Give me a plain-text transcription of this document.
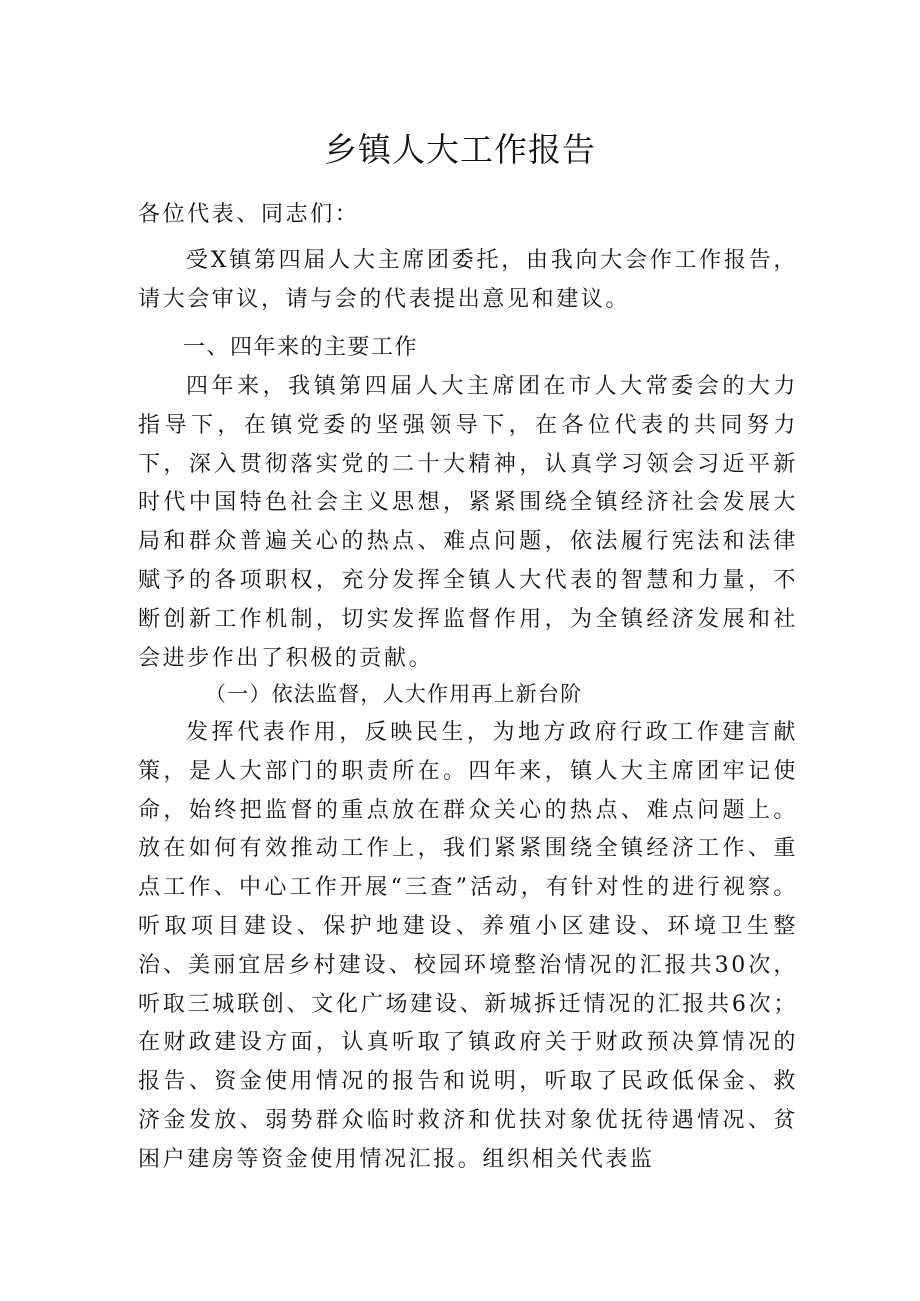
乡镇人大工作报告
各位代表、同志们：
受X镇第四届人大主席团委托，由我向大会作工作报告，请大会审议，请与会的代表提出意见和建议。
一、四年来的主要工作
四年来，我镇第四届人大主席团在市人大常委会的大力指导下，在镇党委的坚强领导下，在各位代表的共同努力下，深入贯彻落实党的二十大精神，认真学习领会习近平新时代中国特色社会主义思想，紧紧围绕全镇经济社会发展大局和群众普遍关心的热点、难点问题，依法履行宪法和法律赋予的各项职权，充分发挥全镇人大代表的智慧和力量，不断创新工作机制，切实发挥监督作用，为全镇经济发展和社会进步作出了积极的贡献。
（一）依法监督，人大作用再上新台阶
发挥代表作用，反映民生，为地方政府行政工作建言献策，是人大部门的职责所在。四年来，镇人大主席团牢记使命，始终把监督的重点放在群众关心的热点、难点问题上。放在如何有效推动工作上，我们紧紧围绕全镇经济工作、重点工作、中心工作开展“三查”活动，有针对性的进行视察。听取项目建设、保护地建设、养殖小区建设、环境卫生整治、美丽宜居乡村建设、校园环境整治情况的汇报共30次，听取三城联创、文化广场建设、新城拆迁情况的汇报共6次；在财政建设方面，认真听取了镇政府关于财政预决算情况的报告、资金使用情况的报告和说明，听取了民政低保金、救济金发放、弱势群众临时救济和优扶对象优抚待遇情况、贫困户建房等资金使用情况汇报。组织相关代表监
